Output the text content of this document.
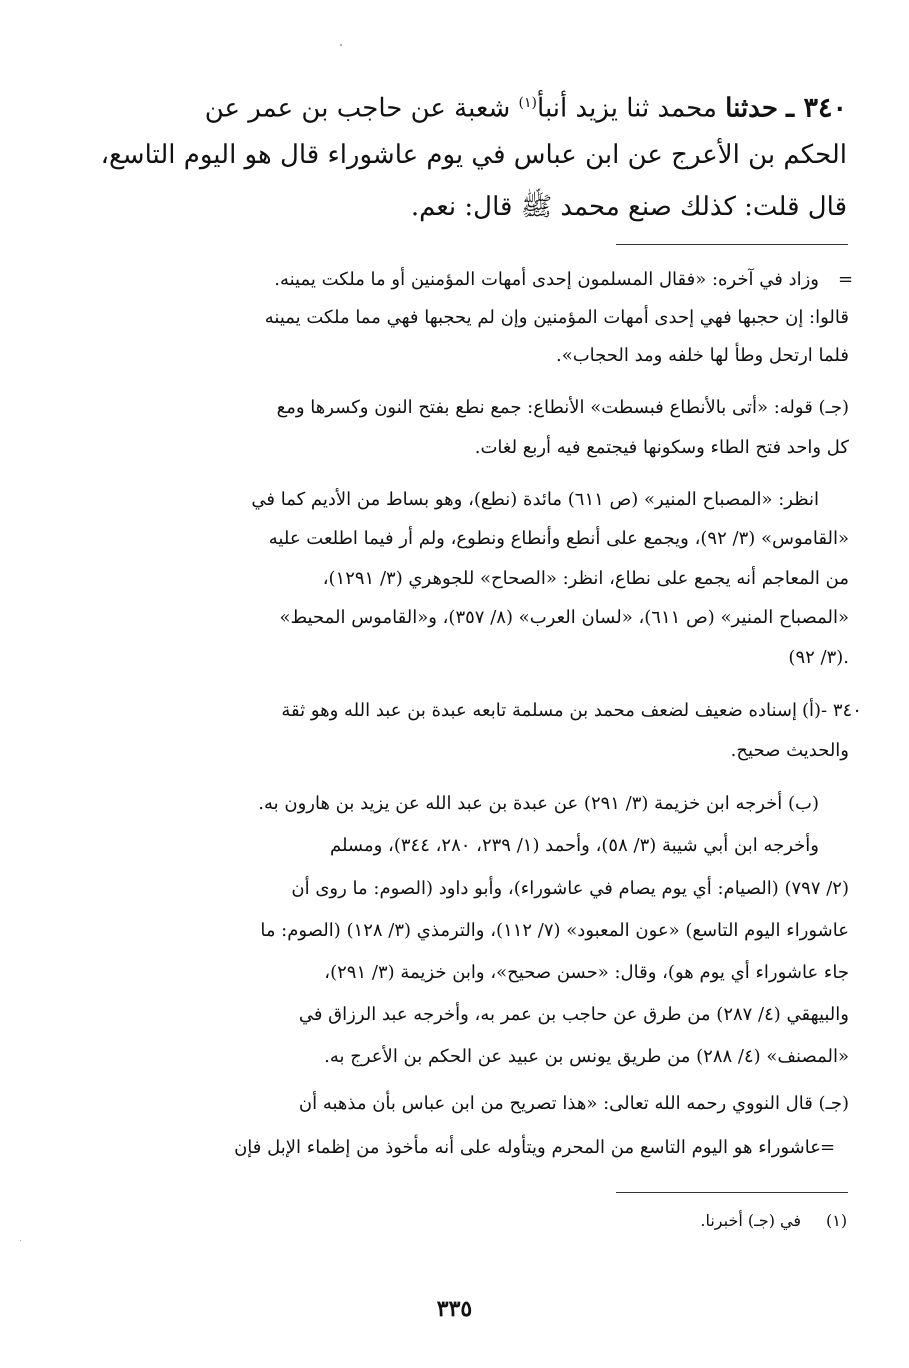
٣٤٠ ـ حدثنا محمد ثنا يزيد أنبأ$^{(١)}$ شعبة عن حاجب بن عمر عن
الحكم بن الأعرج عن ابن عباس في يوم عاشوراء قال هو اليوم التاسع،
قال قلت: كذلك صنع محمد ﷺ قال: نعم.
=
وزاد في آخره: «فقال المسلمون إحدى أمهات المؤمنين أو ما ملكت يمينه.
قالوا: إن حجبها فهي إحدى أمهات المؤمنين وإن لم يحجبها فهي مما ملكت يمينه
فلما ارتحل وطأ لها خلفه ومد الحجاب».
(جـ) قوله: «أتى بالأنطاع فبسطت» الأنطاع: جمع نطع بفتح النون وكسرها ومع
كل واحد فتح الطاء وسكونها فيجتمع فيه أربع لغات.
انظر: «المصباح المنير» (ص ٦١١) مائدة (نطع)، وهو بساط من الأديم كما في
«القاموس» (٣/ ٩٢)، ويجمع على أنطع وأنطاع ونطوع، ولم أر فيما اطلعت عليه
من المعاجم أنه يجمع على نطاع، انظر: «الصحاح» للجوهري (٣/ ١٢٩١)،
«المصباح المنير» (ص ٦١١)، «لسان العرب» (٨/ ٣٥٧)، و«القاموس المحيط»
(٣/ ٩٢).
٣٤٠ -(أ)
إسناده ضعيف لضعف محمد بن مسلمة تابعه عبدة بن عبد الله وهو ثقة
والحديث صحيح.
(ب) أخرجه ابن خزيمة (٣/ ٢٩١) عن عبدة بن عبد الله عن يزيد بن هارون به.
وأخرجه ابن أبي شيبة (٣/ ٥٨)، وأحمد (١/ ٢٣٩، ٢٨٠، ٣٤٤)، ومسلم
(٢/ ٧٩٧) (الصيام: أي يوم يصام في عاشوراء)، وأبو داود (الصوم: ما روى أن
عاشوراء اليوم التاسع) «عون المعبود» (٧/ ١١٢)، والترمذي (٣/ ١٢٨) (الصوم: ما
جاء عاشوراء أي يوم هو)، وقال: «حسن صحيح»، وابن خزيمة (٣/ ٢٩١)،
والبيهقي (٤/ ٢٨٧) من طرق عن حاجب بن عمر به، وأخرجه عبد الرزاق في
«المصنف» (٤/ ٢٨٨) من طريق يونس بن عبيد عن الحكم بن الأعرج به.
(جـ) قال النووي رحمه الله تعالى: «هذا تصريح من ابن عباس بأن مذهبه أن
عاشوراء هو اليوم التاسع من المحرم ويتأوله على أنه مأخوذ من إظماء الإبل فإن =
(١)
في (جـ) أخبرنا.
٣٣٥
